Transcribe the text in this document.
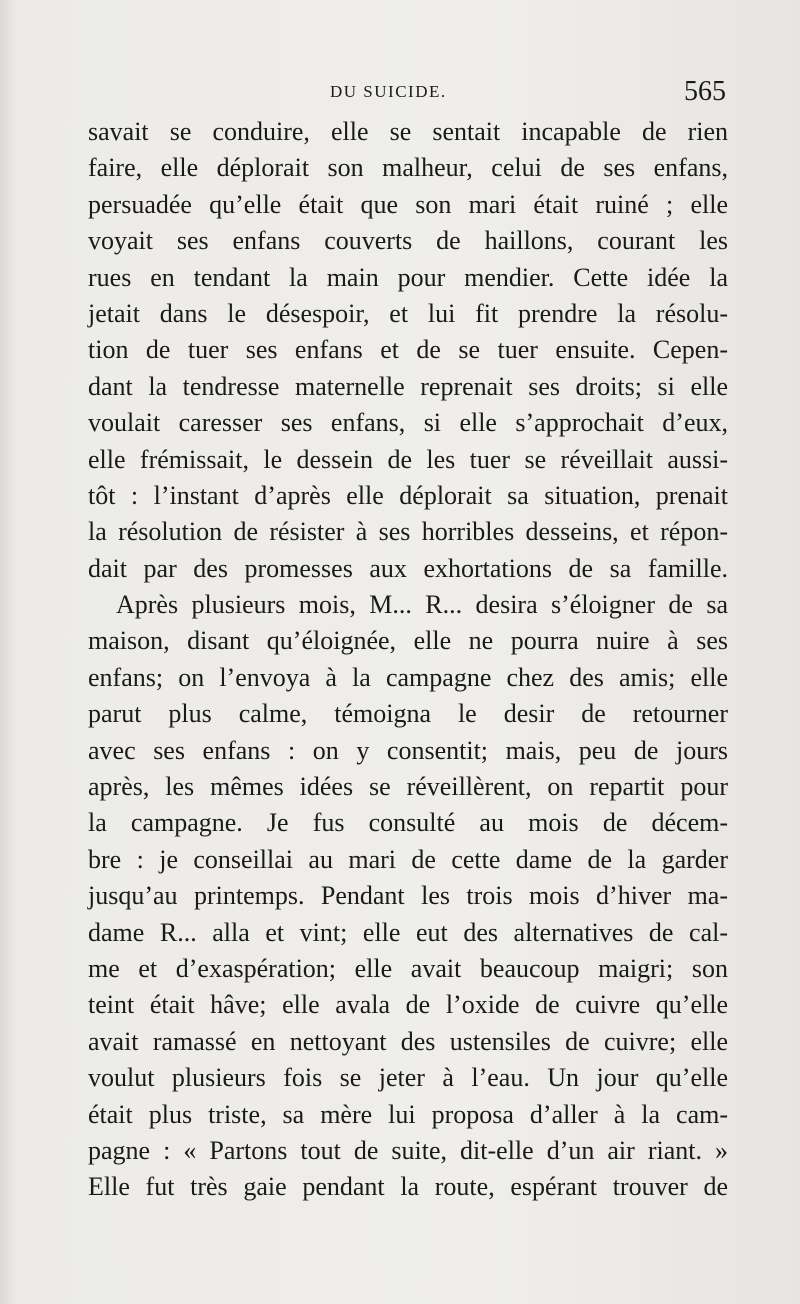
DU SUICIDE.	565
savait se conduire, elle se sentait incapable de rien
faire, elle déplorait son malheur, celui de ses enfans,
persuadée qu’elle était que son mari était ruiné ; elle
voyait ses enfans couverts de haillons, courant les
rues en tendant la main pour mendier. Cette idée la
jetait dans le désespoir, et lui fit prendre la résolu-
tion de tuer ses enfans et de se tuer ensuite. Cepen-
dant la tendresse maternelle reprenait ses droits; si elle
voulait caresser ses enfans, si elle s’approchait d’eux,
elle frémissait, le dessein de les tuer se réveillait aussi-
tôt : l’instant d’après elle déplorait sa situation, prenait
la résolution de résister à ses horribles desseins, et répon-
dait par des promesses aux exhortations de sa famille.
Après plusieurs mois, M... R... desira s’éloigner de sa
maison, disant qu’éloignée, elle ne pourra nuire à ses
enfans; on l’envoya à la campagne chez des amis; elle
parut plus calme, témoigna le desir de retourner
avec ses enfans : on y consentit; mais, peu de jours
après, les mêmes idées se réveillèrent, on repartit pour
la campagne. Je fus consulté au mois de décem-
bre : je conseillai au mari de cette dame de la garder
jusqu’au printemps. Pendant les trois mois d’hiver ma-
dame R... alla et vint; elle eut des alternatives de cal-
me et d’exaspération; elle avait beaucoup maigri; son
teint était hâve; elle avala de l’oxide de cuivre qu’elle
avait ramassé en nettoyant des ustensiles de cuivre; elle
voulut plusieurs fois se jeter à l’eau. Un jour qu’elle
était plus triste, sa mère lui proposa d’aller à la cam-
pagne : « Partons tout de suite, dit-elle d’un air riant. »
Elle fut très gaie pendant la route, espérant trouver de
